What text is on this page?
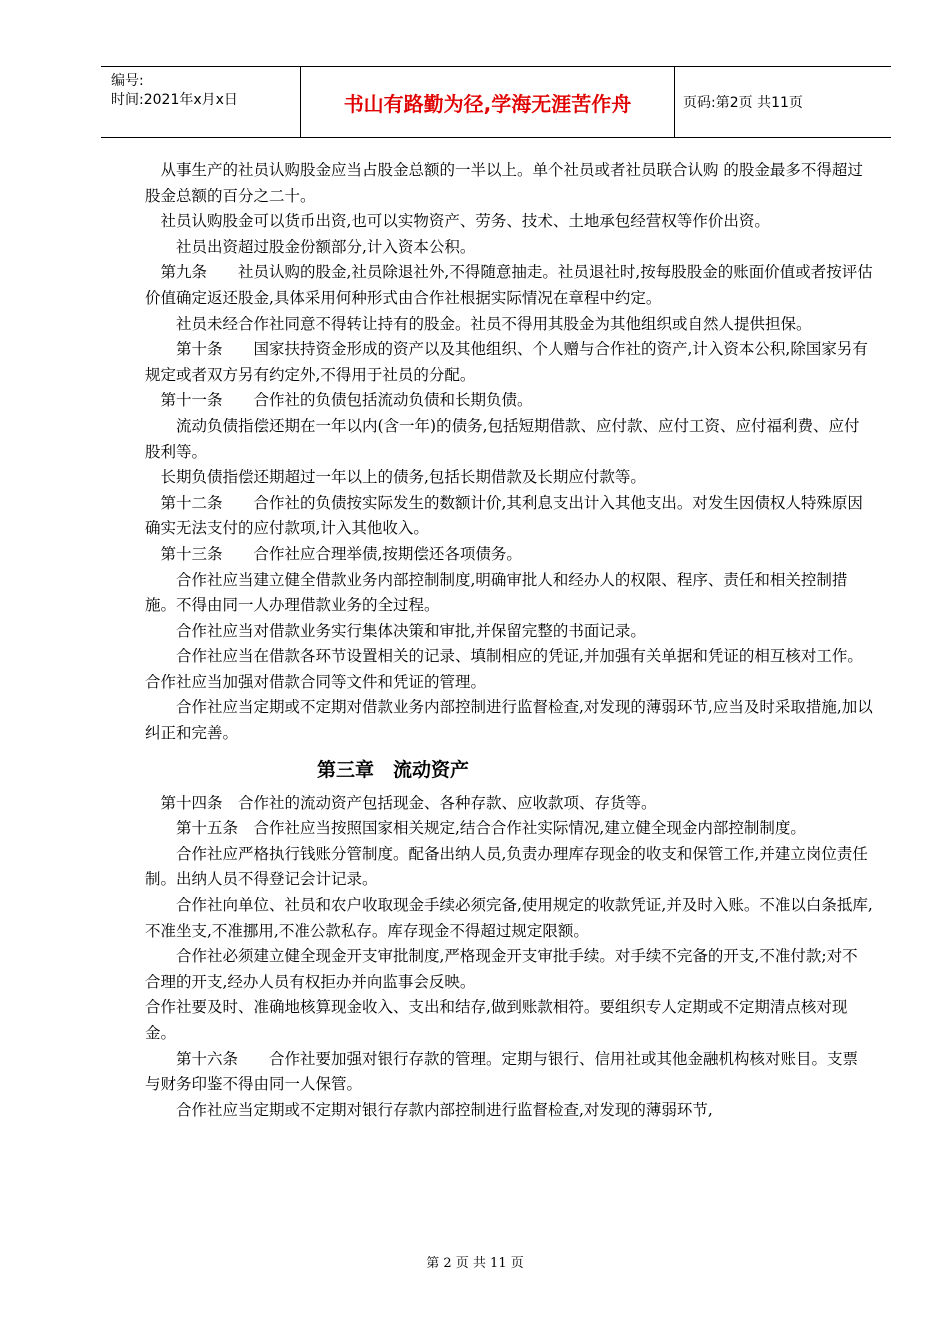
编号:
时间:2021年x月x日	书山有路勤为径,学海无涯苦作舟	页码:第2页 共11页

　从事生产的社员认购股金应当占股金总额的一半以上。单个社员或者社员联合认购 的股金最多不得超过股金总额的百分之二十。

　社员认购股金可以货币出资,也可以实物资产、劳务、技术、土地承包经营权等作价出资。

　　社员出资超过股金份额部分,计入资本公积。

　第九条　　社员认购的股金,社员除退社外,不得随意抽走。社员退社时,按每股股金的账面价值或者按评估价值确定返还股金,具体采用何种形式由合作社根据实际情况在章程中约定。

　　社员未经合作社同意不得转让持有的股金。社员不得用其股金为其他组织或自然人提供担保。

　　第十条　　国家扶持资金形成的资产以及其他组织、个人赠与合作社的资产,计入资本公积,除国家另有规定或者双方另有约定外,不得用于社员的分配。

　第十一条　　合作社的负债包括流动负债和长期负债。

　　流动负债指偿还期在一年以内(含一年)的债务,包括短期借款、应付款、应付工资、应付福利费、应付股利等。

　长期负债指偿还期超过一年以上的债务,包括长期借款及长期应付款等。

　第十二条　　合作社的负债按实际发生的数额计价,其利息支出计入其他支出。对发生因债权人特殊原因确实无法支付的应付款项,计入其他收入。

　第十三条　　合作社应合理举债,按期偿还各项债务。

　　合作社应当建立健全借款业务内部控制制度,明确审批人和经办人的权限、程序、责任和相关控制措施。不得由同一人办理借款业务的全过程。

　　合作社应当对借款业务实行集体决策和审批,并保留完整的书面记录。

　　合作社应当在借款各环节设置相关的记录、填制相应的凭证,并加强有关单据和凭证的相互核对工作。合作社应当加强对借款合同等文件和凭证的管理。

　　合作社应当定期或不定期对借款业务内部控制进行监督检查,对发现的薄弱环节,应当及时采取措施,加以纠正和完善。

第三章　流动资产

　第十四条　合作社的流动资产包括现金、各种存款、应收款项、存货等。

　　第十五条　合作社应当按照国家相关规定,结合合作社实际情况,建立健全现金内部控制制度。

　　合作社应严格执行钱账分管制度。配备出纳人员,负责办理库存现金的收支和保管工作,并建立岗位责任制。出纳人员不得登记会计记录。

　　合作社向单位、社员和农户收取现金手续必须完备,使用规定的收款凭证,并及时入账。不准以白条抵库,不准坐支,不准挪用,不准公款私存。库存现金不得超过规定限额。

　　合作社必须建立健全现金开支审批制度,严格现金开支审批手续。对手续不完备的开支,不准付款;对不合理的开支,经办人员有权拒办并向监事会反映。

合作社要及时、准确地核算现金收入、支出和结存,做到账款相符。要组织专人定期或不定期清点核对现金。

　　第十六条　　合作社要加强对银行存款的管理。定期与银行、信用社或其他金融机构核对账目。支票与财务印鉴不得由同一人保管。

　　合作社应当定期或不定期对银行存款内部控制进行监督检查,对发现的薄弱环节,

第 2 页 共 11 页
